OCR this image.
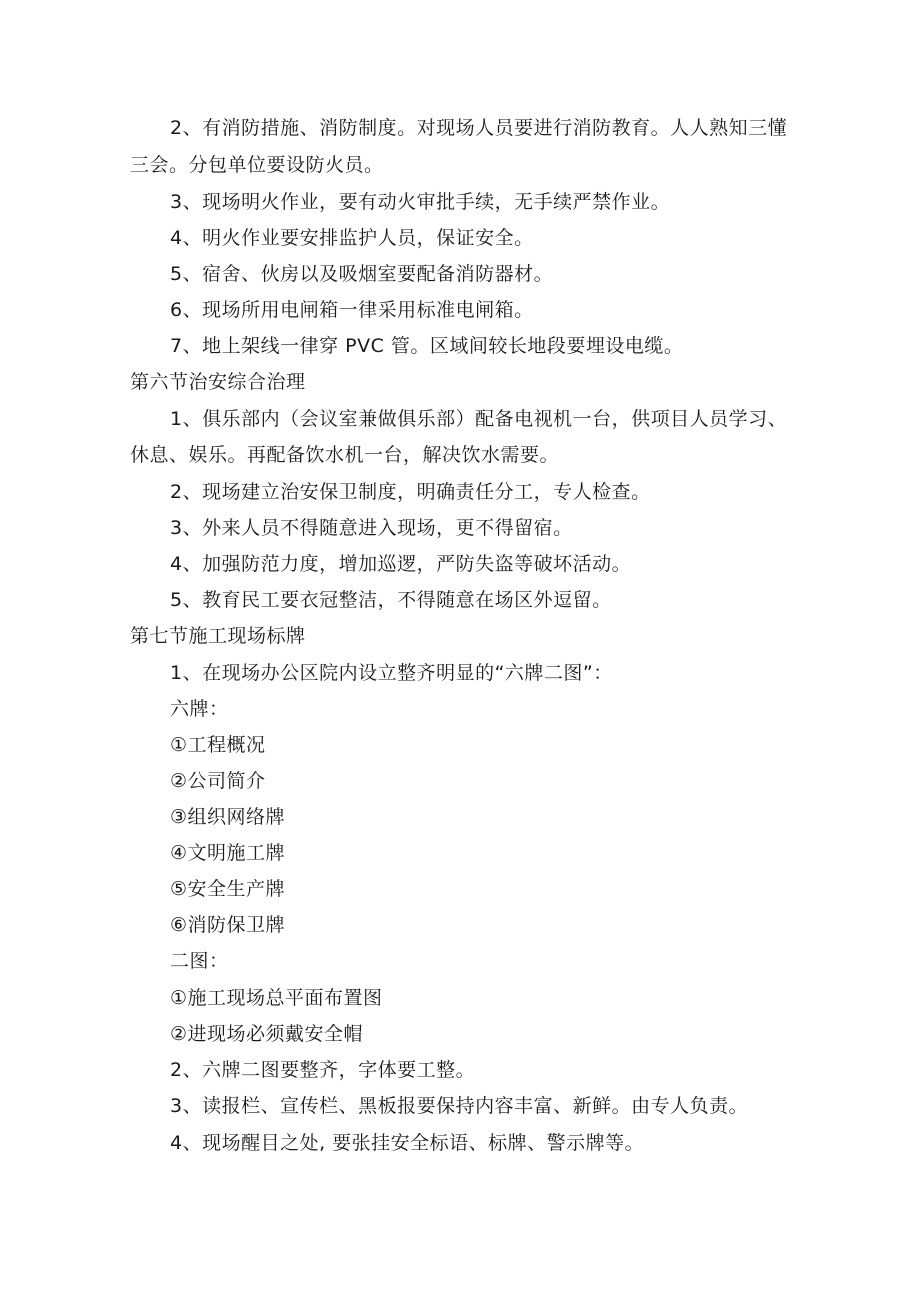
2、有消防措施、消防制度。对现场人员要进行消防教育。人人熟知三懂
三会。分包单位要设防火员。
3、现场明火作业，要有动火审批手续，无手续严禁作业。
4、明火作业要安排监护人员，保证安全。
5、宿舍、伙房以及吸烟室要配备消防器材。
6、现场所用电闸箱一律采用标准电闸箱。
7、地上架线一律穿 PVC 管。区域间较长地段要埋设电缆。
第六节治安综合治理
1、俱乐部内（会议室兼做俱乐部）配备电视机一台，供项目人员学习、
休息、娱乐。再配备饮水机一台，解决饮水需要。
2、现场建立治安保卫制度，明确责任分工，专人检查。
3、外来人员不得随意进入现场，更不得留宿。
4、加强防范力度，增加巡逻，严防失盗等破坏活动。
5、教育民工要衣冠整洁，不得随意在场区外逗留。
第七节施工现场标牌
1、在现场办公区院内设立整齐明显的“六牌二图”：
六牌：
①工程概况
②公司简介
③组织网络牌
④文明施工牌
⑤安全生产牌
⑥消防保卫牌
二图：
①施工现场总平面布置图
②进现场必须戴安全帽
2、六牌二图要整齐，字体要工整。
3、读报栏、宣传栏、黑板报要保持内容丰富、新鲜。由专人负责。
4、现场醒目之处, 要张挂安全标语、标牌、警示牌等。
